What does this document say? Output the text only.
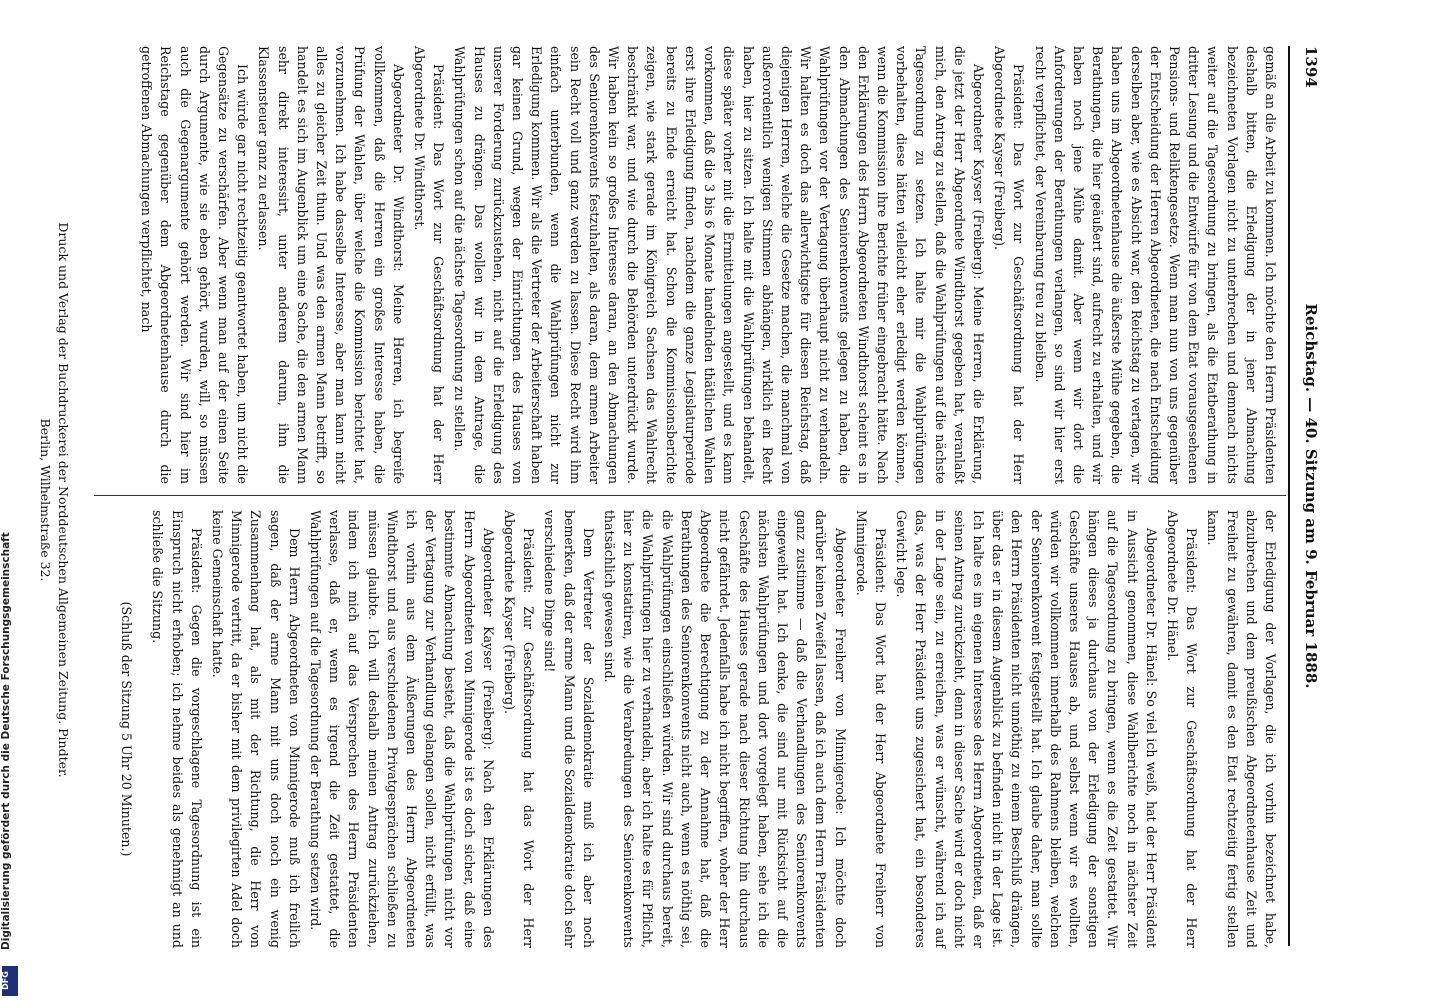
1394
Reichstag. — 40. Sitzung am 9. Februar 1888.

gemäß an die Arbeit zu kommen. Ich möchte den Herrn Präsidenten deshalb bitten, die Erledigung der in jener Abmachung bezeichneten Vorlagen nicht zu unterbrechen und demnach nichts weiter auf die Tagesordnung zu bringen, als die Etatberathung in dritter Lesung und die Entwürfe für von dem Etat vorausgesehenen Pensions- und Reliktengesetze. Wenn man nun von uns gegenüber der Entscheidung der Herren Abgeordneten, die nach Entscheidung derselben aber, wie es Absicht war, den Reichstag zu vertagen, wir haben uns im Abgeordnetenhause die äußerste Mühe gegeben, die Berathungen, die hier geäußert sind, aufrecht zu erhalten, und wir haben noch jene Mühe damit. Aber wenn wir dort die Anforderungen der Berathungen verlangen, so sind wir hier erst recht verpflichtet, der Vereinbarung treu zu bleiben.

Präsident: Das Wort zur Geschäftsordnung hat der Herr Abgeordnete Kayser (Freiberg).

Abgeordneter Kayser (Freiberg): Meine Herren, die Erklärung, die jetzt der Herr Abgeordnete Windthorst gegeben hat, veranlaßt mich, den Antrag zu stellen, daß die Wahlprüfungen auf die nächste Tagesordnung zu setzen. Ich halte mir die Wahlprüfungen vorbehalten, diese hätten vielleicht eher erledigt werden können, wenn die Kommission ihre Berichte früher eingebracht hätte. Nach den Erklärungen des Herrn Abgeordneten Windthorst scheint es in den Abmachungen des Seniorenkonvents gelegen zu haben, die Wahlprüfungen vor der Vertagung überhaupt nicht zu verhandeln. Wir halten es doch das allerwichtigste für diesen Reichstag, daß diejenigen Herren, welche die Gesetze machen, die manchmal von außerordentlich wenigen Stimmen abhängen, wirklich ein Recht haben, hier zu sitzen. Ich halte mit die Wahlprüfungen behandelt, diese später vorher mit die Ermittelungen angestellt, und es kann vorkommen, daß die 3 bis 6 Monate handelnden thätlichen Wahlen erst ihre Erledigung finden, nachdem die ganze Legislaturperiode bereits zu Ende erreicht hat. Schon die Kommissionsberichte zeigen, wie stark gerade im Königreich Sachsen das Wahlrecht beschränkt war, und wie durch die Behörden unterdrückt wurde. Wir haben kein so großes Interesse daran, an den Abmachungen des Seniorenkonvents festzuhalten, als daran, dem armen Arbeiter sein Recht voll und ganz werden zu lassen. Diese Recht wird ihm einfach unterbunden, wenn die Wahlprüfungen nicht zur Erledigung kommen. Wir als die Vertreter der Arbeiterschaft haben gar keinen Grund, wegen der Einrichtungen des Hauses von unserer Forderung zurückzustehen, nicht auf die Erledigung des Hauses zu drängen. Das wollen wir in dem Antrage, die Wahlprüfungen schon auf die nächste Tagesordnung zu stellen.

Präsident: Das Wort zur Geschäftsordnung hat der Herr Abgeordnete Dr. Windthorst.

Abgeordneter Dr. Windthorst: Meine Herren, ich begreife vollkommen, daß die Herren ein großes Interesse haben, die Prüfung der Wahlen, über welche die Kommission berichtet hat, vorzunehmen. Ich habe dasselbe Interesse, aber man kann nicht alles zu gleicher Zeit thun. Und was den armen Mann betrifft, so handelt es sich im Augenblick um eine Sache, die den armen Mann sehr direkt interessirt, unter anderem darum, ihm die Klassensteuer ganz zu erlassen.

Ich würde gar nicht rechtzeitig geantwortet haben, um nicht die Gegensätze zu verschärfen. Aber wenn man auf der einen Seite durch Argumente, wie sie eben gehört, wurden, will, so müssen auch die Gegenargumente gehört werden. Wir sind hier im Reichstage gegenüber dem Abgeordnetenhause durch die getroffenen Abmachungen verpflichtet, nach

der Erledigung der Vorlagen, die ich vorhin bezeichnet habe, abzubrechen und dem preußischen Abgeordnetenhause Zeit und Freiheit zu gewähren, damit es den Etat rechtzeitig fertig stellen kann.

Präsident: Das Wort zur Geschäftsordnung hat der Herr Abgeordnete Dr. Hänel.

Abgeordneter Dr. Hänel: So viel ich weiß, hat der Herr Präsident in Aussicht genommen, diese Wahlberichte noch in nächster Zeit auf die Tagesordnung zu bringen, wenn es die Zeit gestattet. Wir hängen dieses ja durchaus von der Erledigung der sonstigen Geschäfte unseres Hauses ab, und selbst wenn wir es wollten, würden wir vollkommen innerhalb des Rahmens bleiben, welchen der Seniorenkonvent festgestellt hat. Ich glaube daher, man sollte den Herrn Präsidenten nicht unnöthig zu einem Beschluß drängen, über das er in diesem Augenblick zu befinden nicht in der Lage ist. Ich halte es im eigenen Interesse des Herrn Abgeordneten, daß er seinen Antrag zurückzieht, denn in dieser Sache wird er doch nicht in der Lage sein, zu erreichen, was er wünscht, während ich auf das, was der Herr Präsident uns zugesichert hat, ein besonderes Gewicht lege.

Präsident: Das Wort hat der Herr Abgeordnete Freiherr von Minnigerode.

Abgeordneter Freiherr von Minnigerode: Ich möchte doch darüber keinen Zweifel lassen, daß ich auch dem Herrn Präsidenten ganz zustimme — daß die Verhandlungen des Seniorenkonvents eingeweiht hat. Ich denke, die sind nur mit Rücksicht auf die nächsten Wahlprüfungen und dort vorgelegt haben, sehe ich die Geschäfte des Hauses gerade nach dieser Richtung hin durchaus nicht gefährdet. Jedenfalls habe ich nicht begriffen, woher der Herr Abgeordnete die Berechtigung zu der Annahme hat, daß die Berathungen des Seniorenkonvents nicht auch, wenn es nöthig sei, die Wahlprüfungen einschließen würden. Wir sind durchaus bereit, die Wahlprüfungen hier zu verhandeln, aber ich halte es für Pflicht, hier zu konstatiren, wie die Verabredungen des Seniorenkonvents thatsächlich gewesen sind.

Dem Vertreter der Sozialdemokratie muß ich aber noch bemerken, daß der arme Mann und die Sozialdemokratie doch sehr verschiedene Dinge sind!

Präsident: Zur Geschäftsordnung hat das Wort der Herr Abgeordnete Kayser (Freiberg).

Abgeordneter Kayser (Freiberg): Nach den Erklärungen des Herrn Abgeordneten von Minnigerode ist es doch sicher, daß eine bestimmte Abmachung besteht, daß die Wahlprüfungen nicht vor der Vertagung zur Verhandlung gelangen sollen, nicht erfüllt, was ich vorhin aus dem Äußerungen des Herrn Abgeordneten Windthorst und aus verschiedenen Privatgesprächen schließen zu müssen glaubte. Ich will deshalb meinen Antrag zurückziehen, indem ich mich auf das Versprechen des Herrn Präsidenten verlasse, daß er, wenn es irgend die Zeit gestattet, die Wahlprüfungen auf die Tagesordnung der Berathung setzen wird.

Dem Herrn Abgeordneten von Minnigerode muß ich freilich sagen, daß der arme Mann mit uns doch noch ein wenig Zusammenhang hat, als mit der Richtung, die Herr von Minnigerode vertritt, da er bisher mit dem privilegirten Adel doch keine Gemeinschaft hatte.

Präsident: Gegen die vorgeschlagene Tagesordnung ist ein Einspruch nicht erhoben; ich nehme beides als genehmigt an und schließe die Sitzung.

(Schluß der Sitzung 5 Uhr 20 Minuten.)

Druck und Verlag der Buchdruckerei der Norddeutschen Allgemeinen Zeitung. Pindter.
Berlin, Wilhelmstraße 32.
Digitalisierung gefördert durch die Deutsche Forschungsgemeinschaft
DFG
